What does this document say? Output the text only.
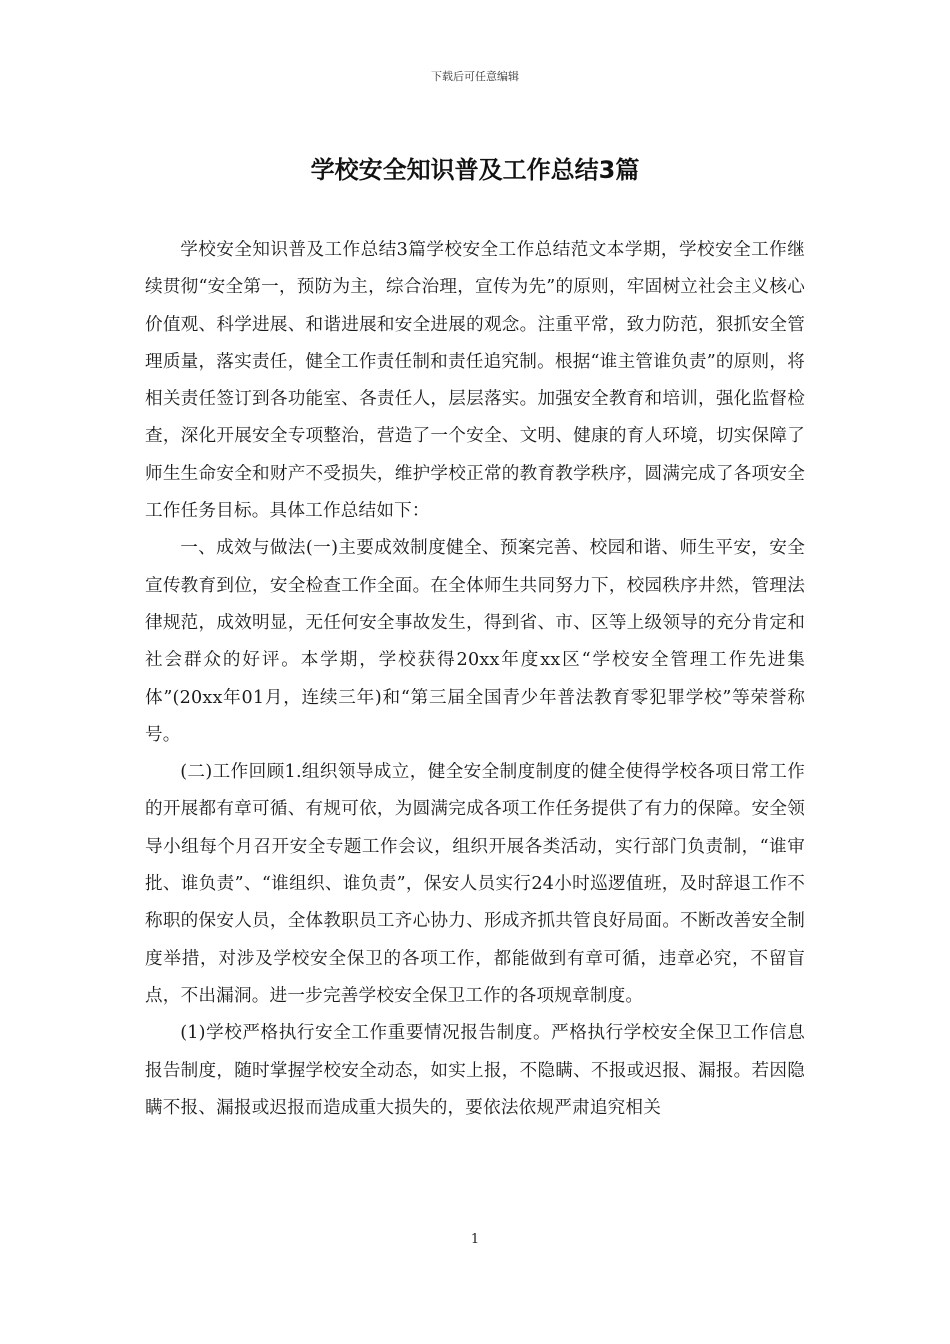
下载后可任意编辑
学校安全知识普及工作总结3篇

学校安全知识普及工作总结3篇学校安全工作总结范文本学期，学校安全工作继续贯彻“安全第一，预防为主，综合治理，宣传为先”的原则，牢固树立社会主义核心价值观、科学进展、和谐进展和安全进展的观念。注重平常，致力防范，狠抓安全管理质量，落实责任，健全工作责任制和责任追究制。根据“谁主管谁负责”的原则，将相关责任签订到各功能室、各责任人，层层落实。加强安全教育和培训，强化监督检查，深化开展安全专项整治，营造了一个安全、文明、健康的育人环境，切实保障了师生生命安全和财产不受损失，维护学校正常的教育教学秩序，圆满完成了各项安全工作任务目标。具体工作总结如下：

一、成效与做法(一)主要成效制度健全、预案完善、校园和谐、师生平安，安全宣传教育到位，安全检查工作全面。在全体师生共同努力下，校园秩序井然，管理法律规范，成效明显，无任何安全事故发生，得到省、市、区等上级领导的充分肯定和社会群众的好评。本学期，学校获得20xx年度xx区“学校安全管理工作先进集体”(20xx年01月，连续三年)和“第三届全国青少年普法教育零犯罪学校”等荣誉称号。

(二)工作回顾1.组织领导成立，健全安全制度制度的健全使得学校各项日常工作的开展都有章可循、有规可依，为圆满完成各项工作任务提供了有力的保障。安全领导小组每个月召开安全专题工作会议，组织开展各类活动，实行部门负责制，“谁审批、谁负责”、“谁组织、谁负责”，保安人员实行24小时巡逻值班，及时辞退工作不称职的保安人员，全体教职员工齐心协力、形成齐抓共管良好局面。不断改善安全制度举措，对涉及学校安全保卫的各项工作，都能做到有章可循，违章必究，不留盲点，不出漏洞。进一步完善学校安全保卫工作的各项规章制度。

(1)学校严格执行安全工作重要情况报告制度。严格执行学校安全保卫工作信息报告制度，随时掌握学校安全动态，如实上报，不隐瞒、不报或迟报、漏报。若因隐瞒不报、漏报或迟报而造成重大损失的，要依法依规严肃追究相关

1
